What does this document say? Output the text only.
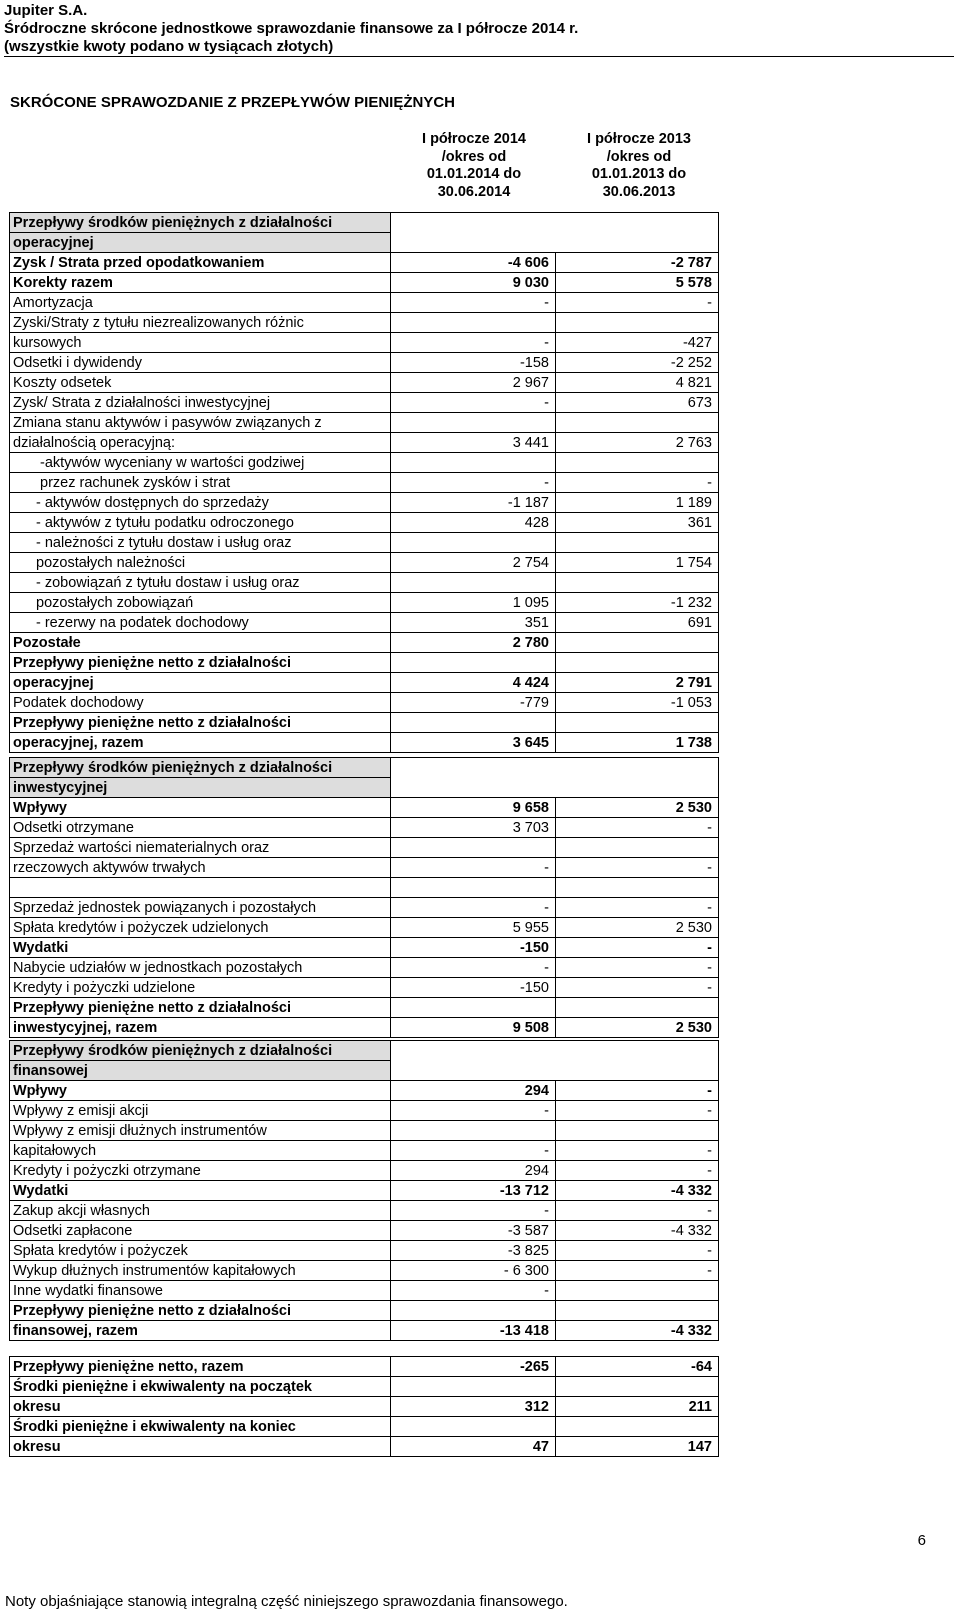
Jupiter S.A.
Śródroczne skrócone jednostkowe sprawozdanie finansowe za I półrocze 2014 r.
(wszystkie kwoty podano w tysiącach złotych)
SKRÓCONE SPRAWOZDANIE Z PRZEPŁYWÓW PIENIĘŻNYCH
I półrocze 2014
/okres od
01.01.2014 do
30.06.2014
I półrocze 2013
/okres od
01.01.2013 do
30.06.2013
Przepływy środków pieniężnych z działalności		
operacyjnej		
Zysk / Strata przed opodatkowaniem	-4 606	-2 787
Korekty razem	9 030	5 578
Amortyzacja	-	-
Zyski/Straty z tytułu niezrealizowanych różnic		
kursowych	-	-427
Odsetki i dywidendy	-158	-2 252
Koszty odsetek	2 967	4 821
Zysk/ Strata z działalności inwestycyjnej	-	673
Zmiana stanu aktywów i pasywów związanych z		
działalnością operacyjną:	3 441	2 763
-aktywów wyceniany w wartości godziwej		
przez rachunek zysków i strat	-	-
- aktywów dostępnych do sprzedaży	-1 187	1 189
- aktywów z tytułu podatku odroczonego	428	361
- należności z tytułu dostaw i usług oraz		
pozostałych należności	2 754	1 754
- zobowiązań z tytułu dostaw i usług oraz		
pozostałych zobowiązań	1 095	-1 232
- rezerwy na podatek dochodowy	351	691
Pozostałe	2 780	
Przepływy pieniężne netto z działalności		
operacyjnej	4 424	2 791
Podatek dochodowy	-779	-1 053
Przepływy pieniężne netto z działalności		
operacyjnej, razem	3 645	1 738
Przepływy środków pieniężnych z działalności		
inwestycyjnej		
Wpływy	9 658	2 530
Odsetki otrzymane	3 703	-
Sprzedaż wartości niematerialnych oraz		
rzeczowych aktywów trwałych	-	-

Sprzedaż jednostek powiązanych i pozostałych	-	-
Spłata kredytów i pożyczek udzielonych	5 955	2 530
Wydatki	-150	-
Nabycie udziałów w jednostkach pozostałych	-	-
Kredyty i pożyczki udzielone	-150	-
Przepływy pieniężne netto z działalności		
inwestycyjnej, razem	9 508	2 530
Przepływy środków pieniężnych z działalności		
finansowej		
Wpływy	294	-
Wpływy z emisji akcji	-	-
Wpływy z emisji dłużnych instrumentów		
kapitałowych	-	-
Kredyty i pożyczki otrzymane	294	-
Wydatki	-13 712	-4 332
Zakup akcji własnych	-	-
Odsetki zapłacone	-3 587	-4 332
Spłata kredytów i pożyczek	-3 825	-
Wykup dłużnych instrumentów kapitałowych	- 6 300	-
Inne wydatki finansowe	-	
Przepływy pieniężne netto z działalności		
finansowej, razem	-13 418	-4 332
Przepływy pieniężne netto, razem	-265	-64
Środki pieniężne i ekwiwalenty na początek		
okresu	312	211
Środki pieniężne i ekwiwalenty na koniec		
okresu	47	147
6
Noty objaśniające stanowią integralną część niniejszego sprawozdania finansowego.
